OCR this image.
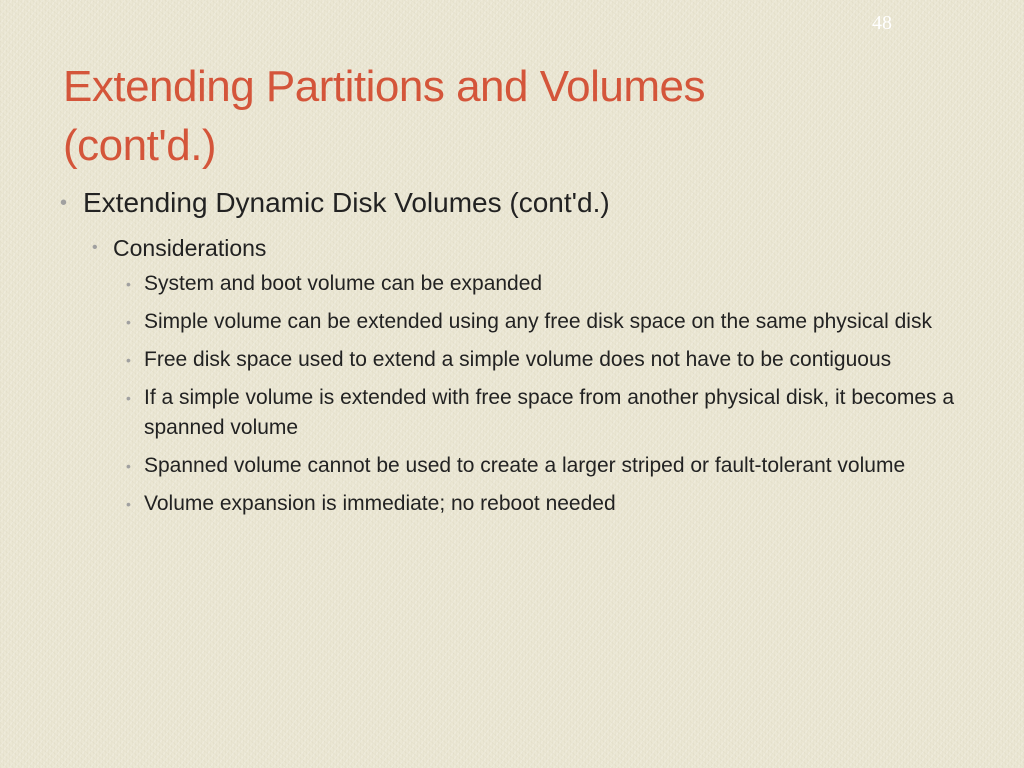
48
Extending Partitions and Volumes
(cont'd.)
• Extending Dynamic Disk Volumes (cont'd.)
• Considerations
• System and boot volume can be expanded
• Simple volume can be extended using any free disk space on the same physical disk
• Free disk space used to extend a simple volume does not have to be contiguous
• If a simple volume is extended with free space from another physical disk, it becomes a spanned volume
• Spanned volume cannot be used to create a larger striped or fault-tolerant volume
• Volume expansion is immediate; no reboot needed
